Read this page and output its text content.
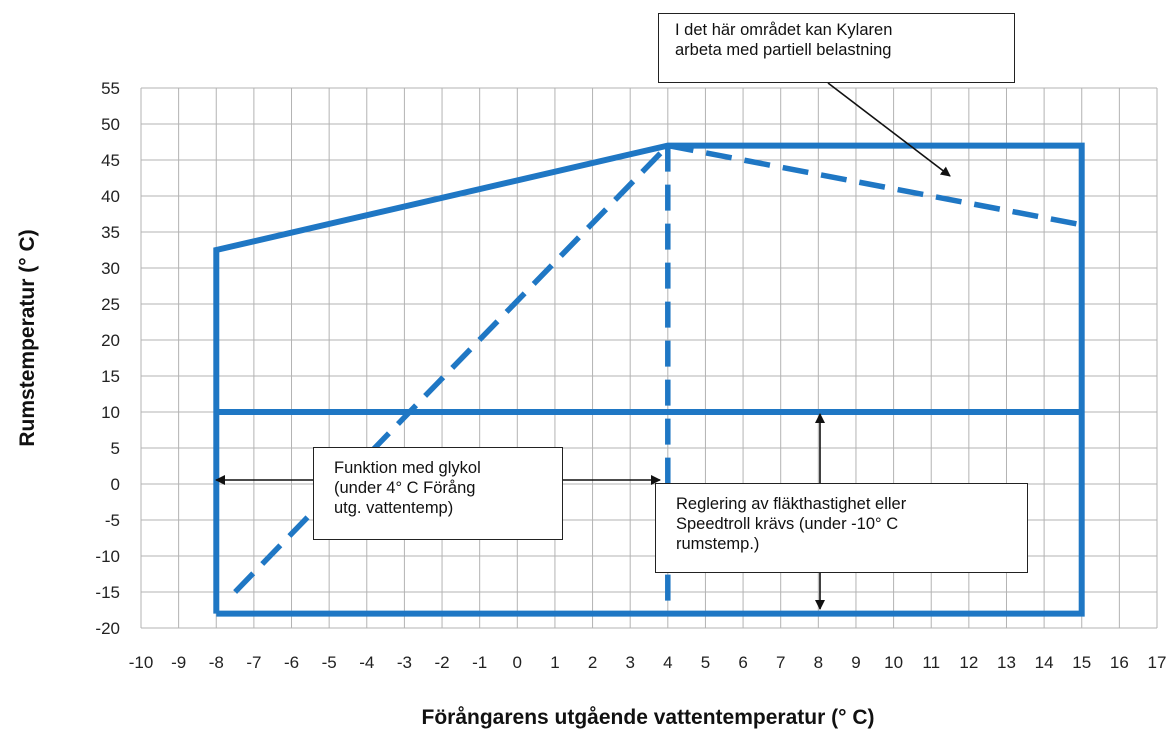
-10 -9 -8 -7 -6 -5 -4 -3 -2 -1 0 1 2 3 4 5 6 7 8 9 10 11 12 13 14 15 16 17
55
50
45
40
35
30
25
20
15
10
5
0
-5
-10
-15
-20
Förångarens utgående vattentemperatur (° C)
Rumstemperatur (° C)
I det här området kan Kylaren
arbeta med partiell belastning
Funktion med glykol
(under 4° C Förång
utg. vattentemp)	Reglering av fläkthastighet eller
Speedtroll krävs (under -10° C
rumstemp.)
